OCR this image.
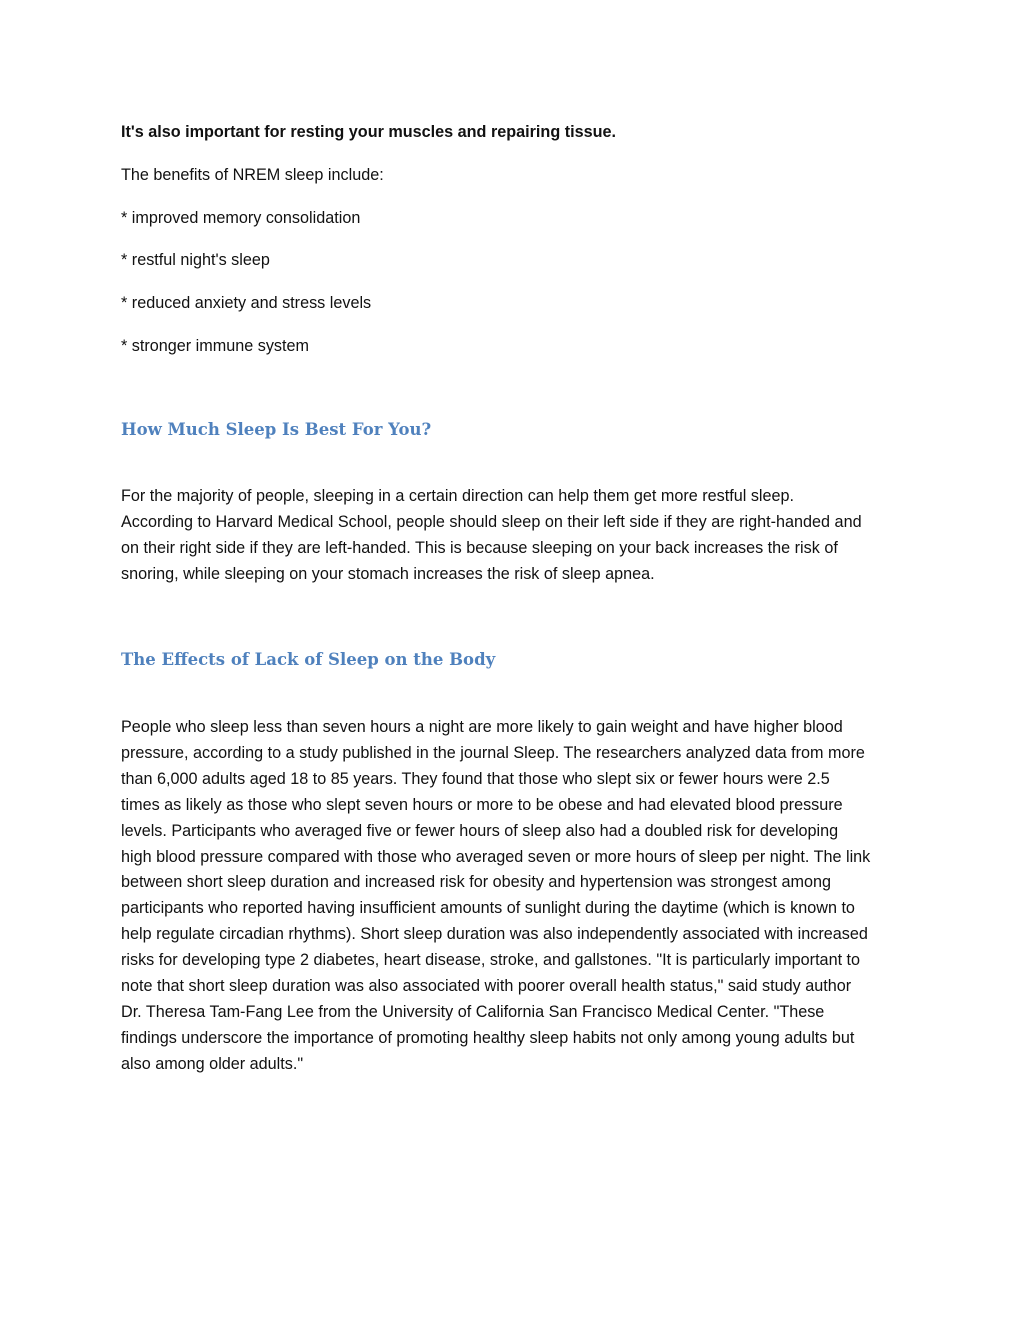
It's also important for resting your muscles and repairing tissue.

The benefits of NREM sleep include:

* improved memory consolidation

* restful night's sleep

* reduced anxiety and stress levels

* stronger immune system

How Much Sleep Is Best For You?
For the majority of people, sleeping in a certain direction can help them get more restful sleep.
According to Harvard Medical School, people should sleep on their left side if they are right-handed and
on their right side if they are left-handed. This is because sleeping on your back increases the risk of
snoring, while sleeping on your stomach increases the risk of sleep apnea.
The Effects of Lack of Sleep on the Body
People who sleep less than seven hours a night are more likely to gain weight and have higher blood
pressure, according to a study published in the journal Sleep. The researchers analyzed data from more
than 6,000 adults aged 18 to 85 years. They found that those who slept six or fewer hours were 2.5
times as likely as those who slept seven hours or more to be obese and had elevated blood pressure
levels. Participants who averaged five or fewer hours of sleep also had a doubled risk for developing
high blood pressure compared with those who averaged seven or more hours of sleep per night. The link
between short sleep duration and increased risk for obesity and hypertension was strongest among
participants who reported having insufficient amounts of sunlight during the daytime (which is known to
help regulate circadian rhythms). Short sleep duration was also independently associated with increased
risks for developing type 2 diabetes, heart disease, stroke, and gallstones. "It is particularly important to
note that short sleep duration was also associated with poorer overall health status," said study author
Dr. Theresa Tam-Fang Lee from the University of California San Francisco Medical Center. "These
findings underscore the importance of promoting healthy sleep habits not only among young adults but
also among older adults."
